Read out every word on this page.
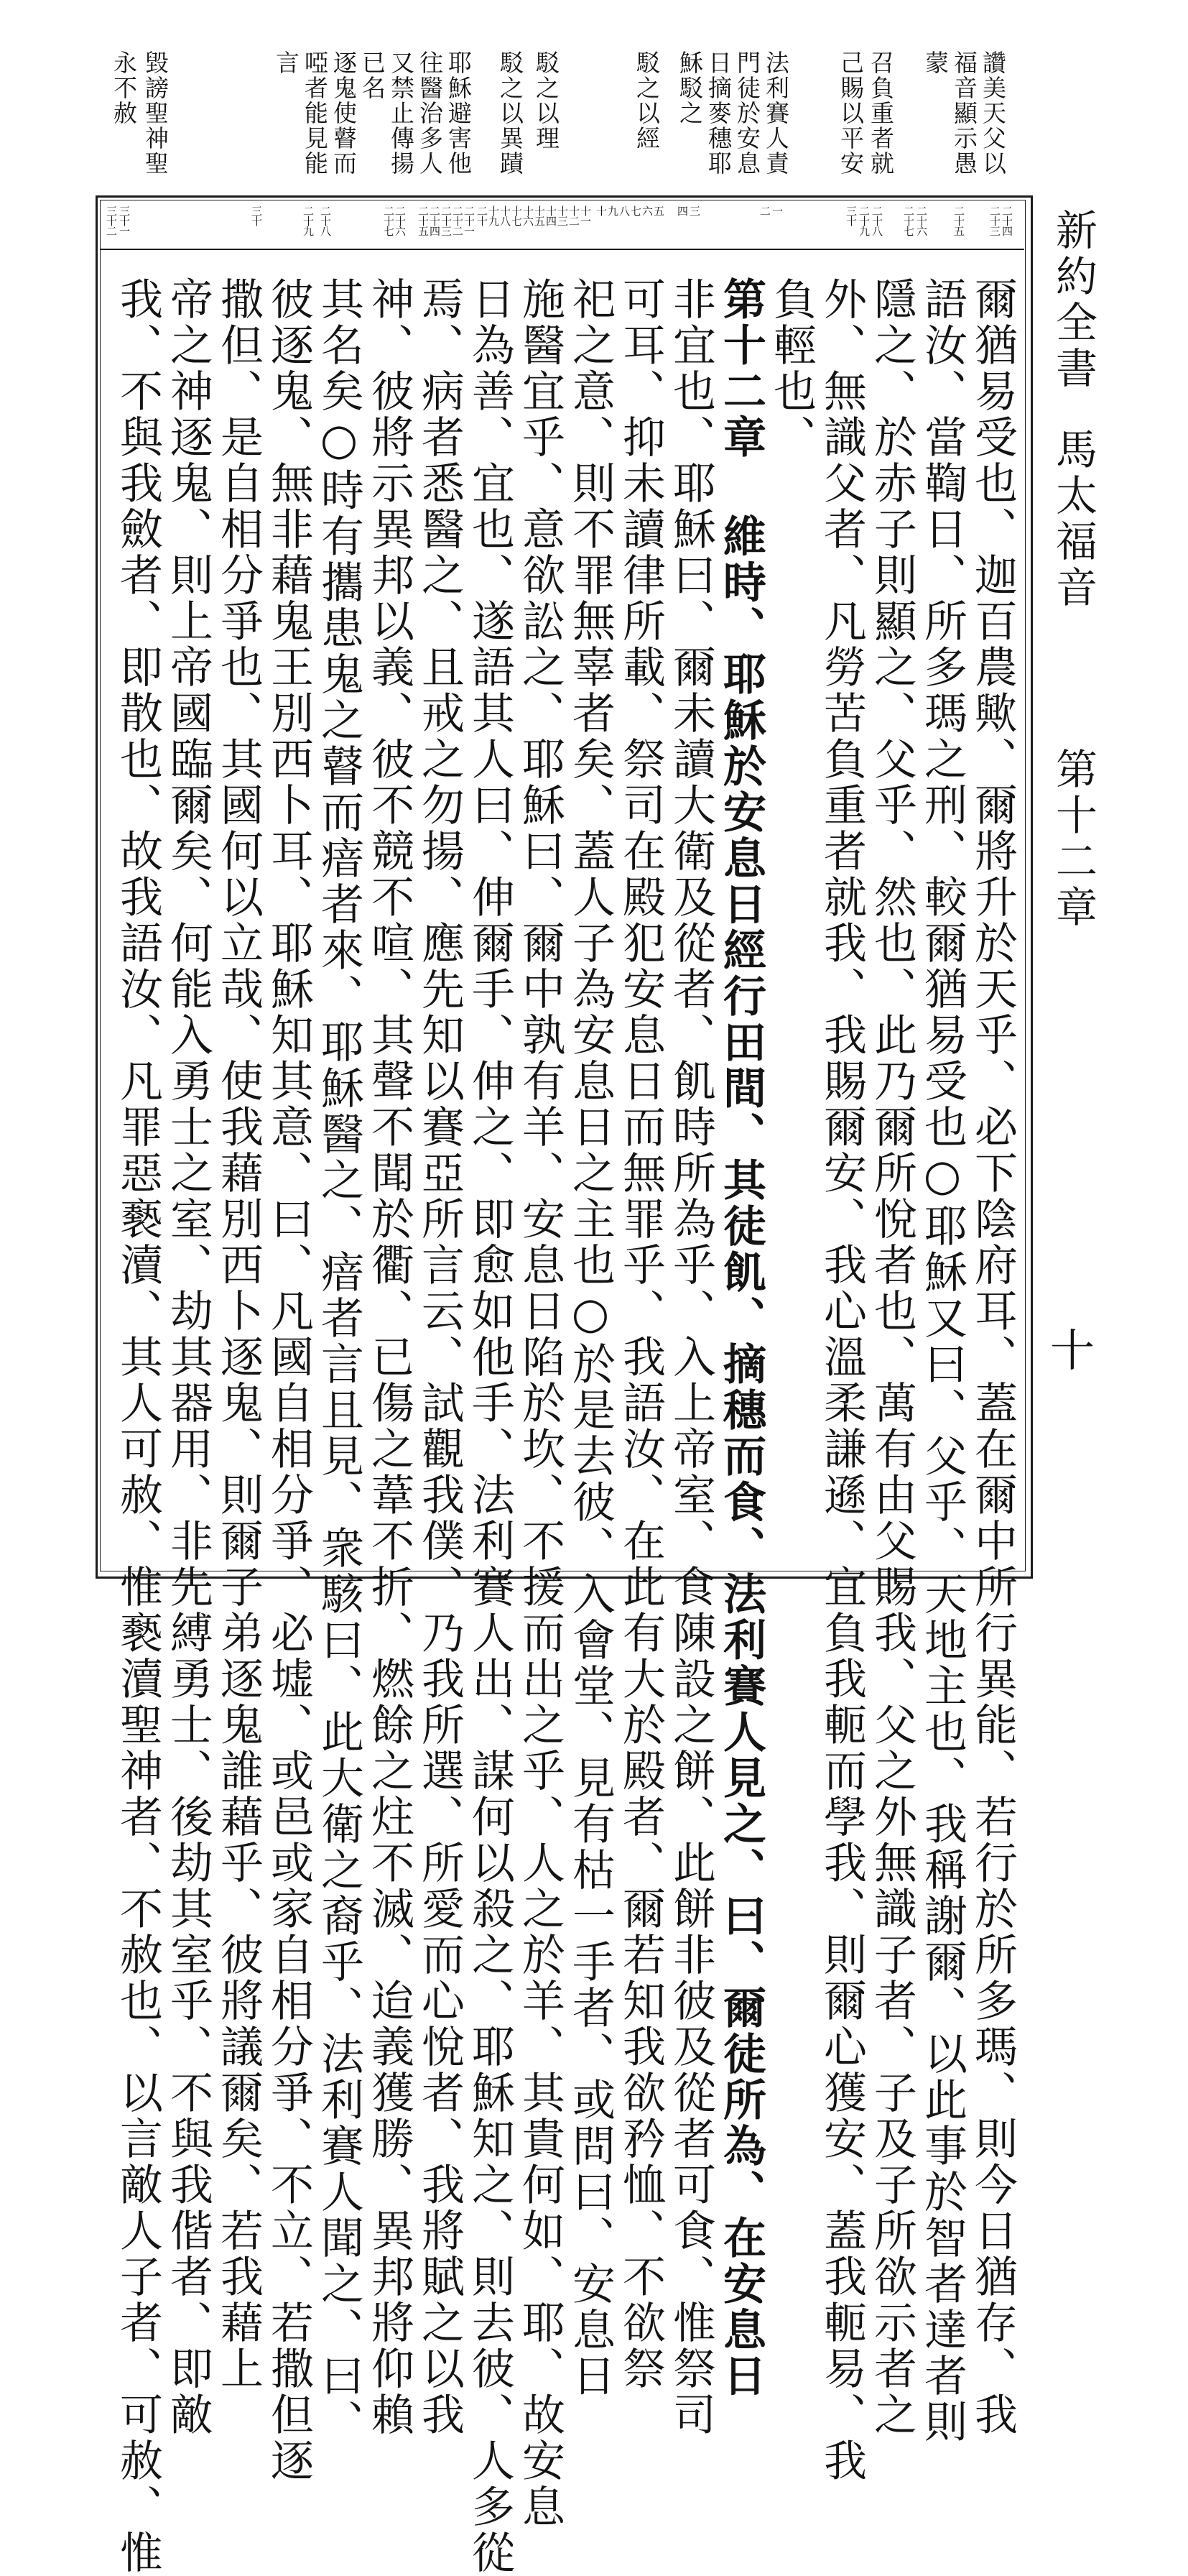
讚美天父以
福音顯示愚
蒙
召負重者就
己賜以平安
法利賽人責
門徒於安息
日摘麥穗耶
穌駁之
駁之以經
駁之以理
駁之以異蹟
耶穌避害他
往醫治多人
又禁止傳揚
已名
逐鬼使瞽而
啞者能見能
言
毀謗聖神聖
永不赦
新約全書
馬太福音
第十二章
十
二十四
二十三
二十五
二十六
二十七
二十八
二十九
三十
一
二
三
四
五
六
七
八
九
十
十一
十二
十三
十四
十五
十六
十七
十八
十九
二十
二十一
二十二
二十三
二十四
二十五
二十六
二十七
二十八
二十九
三十
三十一
三十二
爾猶易受也、迦百農歟、爾將升於天乎、必下陰府耳、蓋在爾中所行異能、若行於所多瑪、則今日猶存、我
語汝、當鞫日、所多瑪之刑、較爾猶易受也○耶穌又曰、父乎、天地主也、我稱謝爾、以此事於智者達者則
隱之、於赤子則顯之、父乎、然也、此乃爾所悅者也、萬有由父賜我、父之外無識子者、子及子所欲示者之
外、無識父者、凡勞苦負重者就我、我賜爾安、我心溫柔謙遜、宜負我軛而學我、則爾心獲安、蓋我軛易、我
負輕也、
第十二章 維時、耶穌於安息日經行田間、其徒飢、摘穗而食、法利賽人見之、曰、爾徒所為、在安息日
非宜也、耶穌曰、爾未讀大衛及從者、飢時所為乎、入上帝室、食陳設之餅、此餅非彼及從者可食、惟祭司
可耳、抑未讀律所載、祭司在殿犯安息日而無罪乎、我語汝、在此有大於殿者、爾若知我欲矜恤、不欲祭
祀之意、則不罪無辜者矣、蓋人子為安息日之主也○於是去彼、入會堂、見有枯一手者、或問曰、安息日
施醫宜乎、意欲訟之、耶穌曰、爾中孰有羊、安息日陷於坎、不援而出之乎、人之於羊、其貴何如、耶、故安息
日為善、宜也、遂語其人曰、伸爾手、伸之、即愈如他手、法利賽人出、謀何以殺之、耶穌知之、則去彼、人多從
焉、病者悉醫之、且戒之勿揚、應先知以賽亞所言云、試觀我僕、乃我所選、所愛而心悅者、我將賦之以我
神、彼將示異邦以義、彼不競不喧、其聲不聞於衢、已傷之葦不折、燃餘之炷不滅、迨義獲勝、異邦將仰賴
其名矣○時有攜患鬼之瞽而瘖者來、耶穌醫之、瘖者言且見、衆駭曰、此大衛之裔乎、法利賽人聞之、曰、
彼逐鬼、無非藉鬼王別西卜耳、耶穌知其意、曰、凡國自相分爭、必墟、或邑或家自相分爭、不立、若撒但逐
撒但、是自相分爭也、其國何以立哉、使我藉別西卜逐鬼、則爾子弟逐鬼誰藉乎、彼將議爾矣、若我藉上
帝之神逐鬼、則上帝國臨爾矣、何能入勇士之室、劫其器用、非先縛勇士、後劫其室乎、不與我偕者、即敵
我、不與我斂者、即散也、故我語汝、凡罪惡褻瀆、其人可赦、惟褻瀆聖神者、不赦也、以言敵人子者、可赦、惟
